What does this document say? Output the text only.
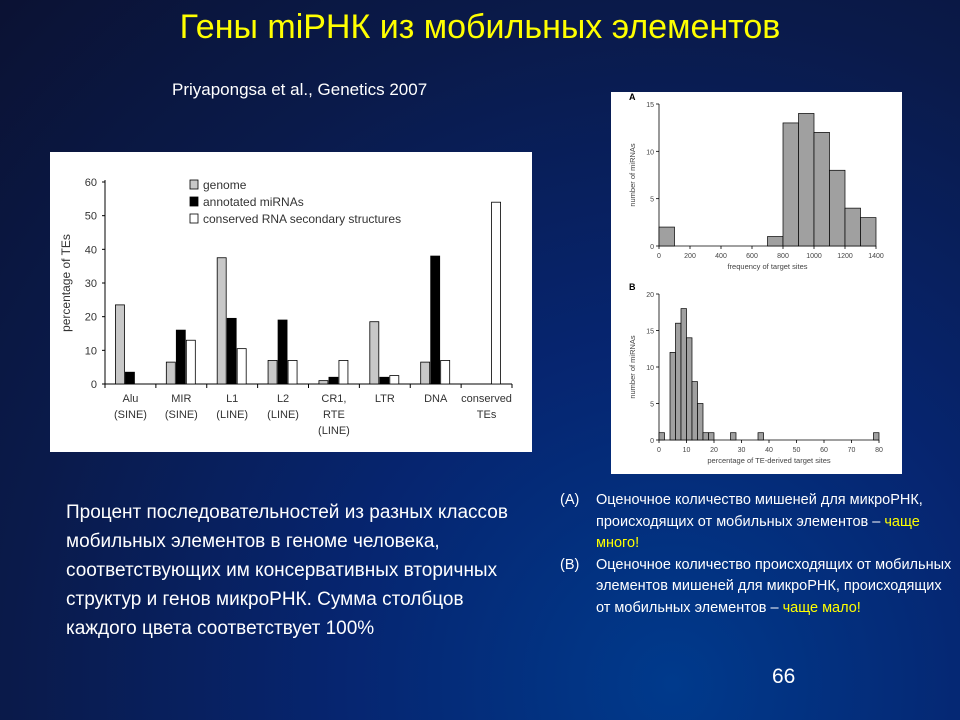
Гены miРНК из мобильных элементов
Priyapongsa et al., Genetics 2007
0
10
20
30
40
50
60
percentage of TEs
Alu
(SINE)
MIR
(SINE)
L1
(LINE)
L2
(LINE)
CR1,
RTE
(LINE)
LTR	DNA conserved
TEs
genome
annotated miRNAs
conserved RNA secondary structures
A
0
5
10
15
0	200	400	600	800 1000 1200 1400
frequency of target sites
number of miRNAs
B
0
5
10
15
20
0	10	20	30	40	50	60	70	80
percentage of TE-derived target sites
number of miRNAs
Процент последовательностей из разных классов мобильных элементов в геноме человека, соответствующих им консервативных вторичных структур и генов микроРНК. Сумма столбцов каждого цвета соответствует 100%
(A)	Оценочное количество мишеней для микроРНК, происходящих от мобильных элементов – чаще много!
(B)	Оценочное количество происходящих от мобильных элементов мишеней для микроРНК, происходящих от мобильных элементов – чаще мало!
66
